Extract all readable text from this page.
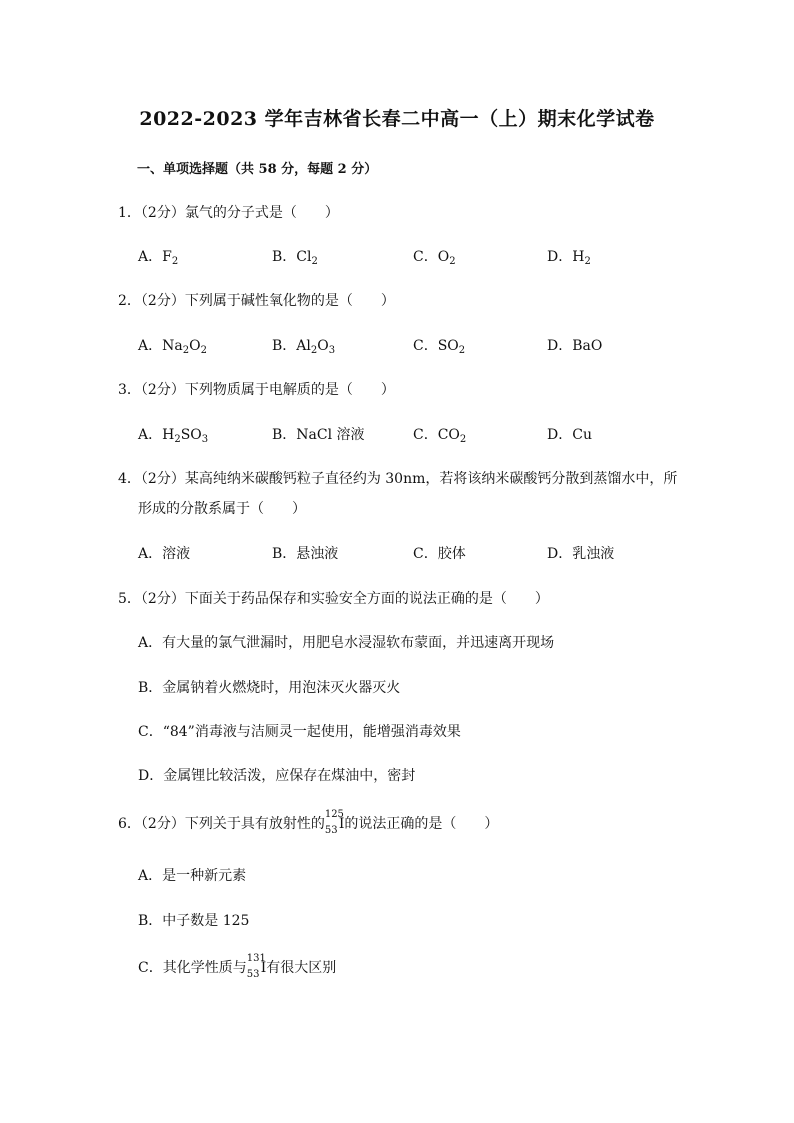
2022-2023 学年吉林省长春二中高一（上）期末化学试卷
一、单项选择题（共 58 分，每题 2 分）
1．（2分）氯气的分子式是（　　）
A．$F_2$	B．$Cl_2$	C．$O_2$	D．$H_2$
2．（2分）下列属于碱性氧化物的是（　　）
A．$Na_2O_2$	B．$Al_2O_3$	C．$SO_2$	D．BaO
3．（2分）下列物质属于电解质的是（　　）
A．$H_2SO_3$	B．NaCl 溶液	C．$CO_2$	D．Cu
4．（2分）某高纯纳米碳酸钙粒子直径约为 30nm，若将该纳米碳酸钙分散到蒸馏水中，所
形成的分散系属于（　　）
A．溶液	B．悬浊液	C．胶体	D．乳浊液
5．（2分）下面关于药品保存和实验安全方面的说法正确的是（　　）
A．有大量的氯气泄漏时，用肥皂水浸湿软布蒙面，并迅速离开现场
B．金属钠着火燃烧时，用泡沫灭火器灭火
C．“84”消毒液与洁厕灵一起使用，能增强消毒效果
D．金属锂比较活泼，应保存在煤油中，密封
6．（2分）下列关于具有放射性的
125
53 I的说法正确的是（　　）
A．是一种新元素
B．中子数是 125
C．其化学性质与
131
53 I有很大区别
